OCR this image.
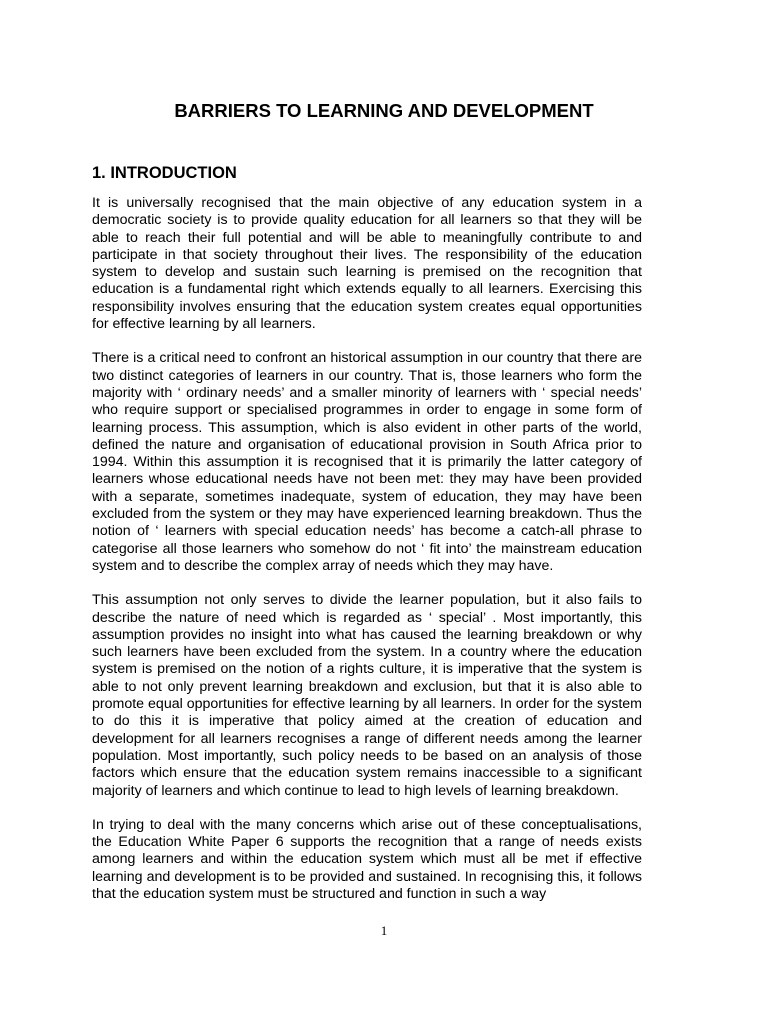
BARRIERS TO LEARNING AND DEVELOPMENT
1. INTRODUCTION

It is universally recognised that the main objective of any education system in a democratic society is to provide quality education for all learners so that they will be able to reach their full potential and will be able to meaningfully contribute to and participate in that society throughout their lives. The responsibility of the education system to develop and sustain such learning is premised on the recognition that education is a fundamental right which extends equally to all learners. Exercising this responsibility involves ensuring that the education system creates equal opportunities for effective learning by all learners.

There is a critical need to confront an historical assumption in our country that there are two distinct categories of learners in our country. That is, those learners who form the majority with ‘ ordinary needs’ and a smaller minority of learners with ‘ special needs’ who require support or specialised programmes in order to engage in some form of learning process. This assumption, which is also evident in other parts of the world, defined the nature and organisation of educational provision in South Africa prior to 1994. Within this assumption it is recognised that it is primarily the latter category of learners whose educational needs have not been met: they may have been provided with a separate, sometimes inadequate, system of education, they may have been excluded from the system or they may have experienced learning breakdown. Thus the notion of ‘ learners with special education needs’ has become a catch-all phrase to categorise all those learners who somehow do not ‘ fit into’ the mainstream education system and to describe the complex array of needs which they may have.

This assumption not only serves to divide the learner population, but it also fails to describe the nature of need which is regarded as ‘ special’ . Most importantly, this assumption provides no insight into what has caused the learning breakdown or why such learners have been excluded from the system. In a country where the education system is premised on the notion of a rights culture, it is imperative that the system is able to not only prevent learning breakdown and exclusion, but that it is also able to promote equal opportunities for effective learning by all learners. In order for the system to do this it is imperative that policy aimed at the creation of education and development for all learners recognises a range of different needs among the learner population. Most importantly, such policy needs to be based on an analysis of those factors which ensure that the education system remains inaccessible to a significant majority of learners and which continue to lead to high levels of learning breakdown.

In trying to deal with the many concerns which arise out of these conceptualisations, the Education White Paper 6 supports the recognition that a range of needs exists among learners and within the education system which must all be met if effective learning and development is to be provided and sustained. In recognising this, it follows that the education system must be structured and function in such a way

1
